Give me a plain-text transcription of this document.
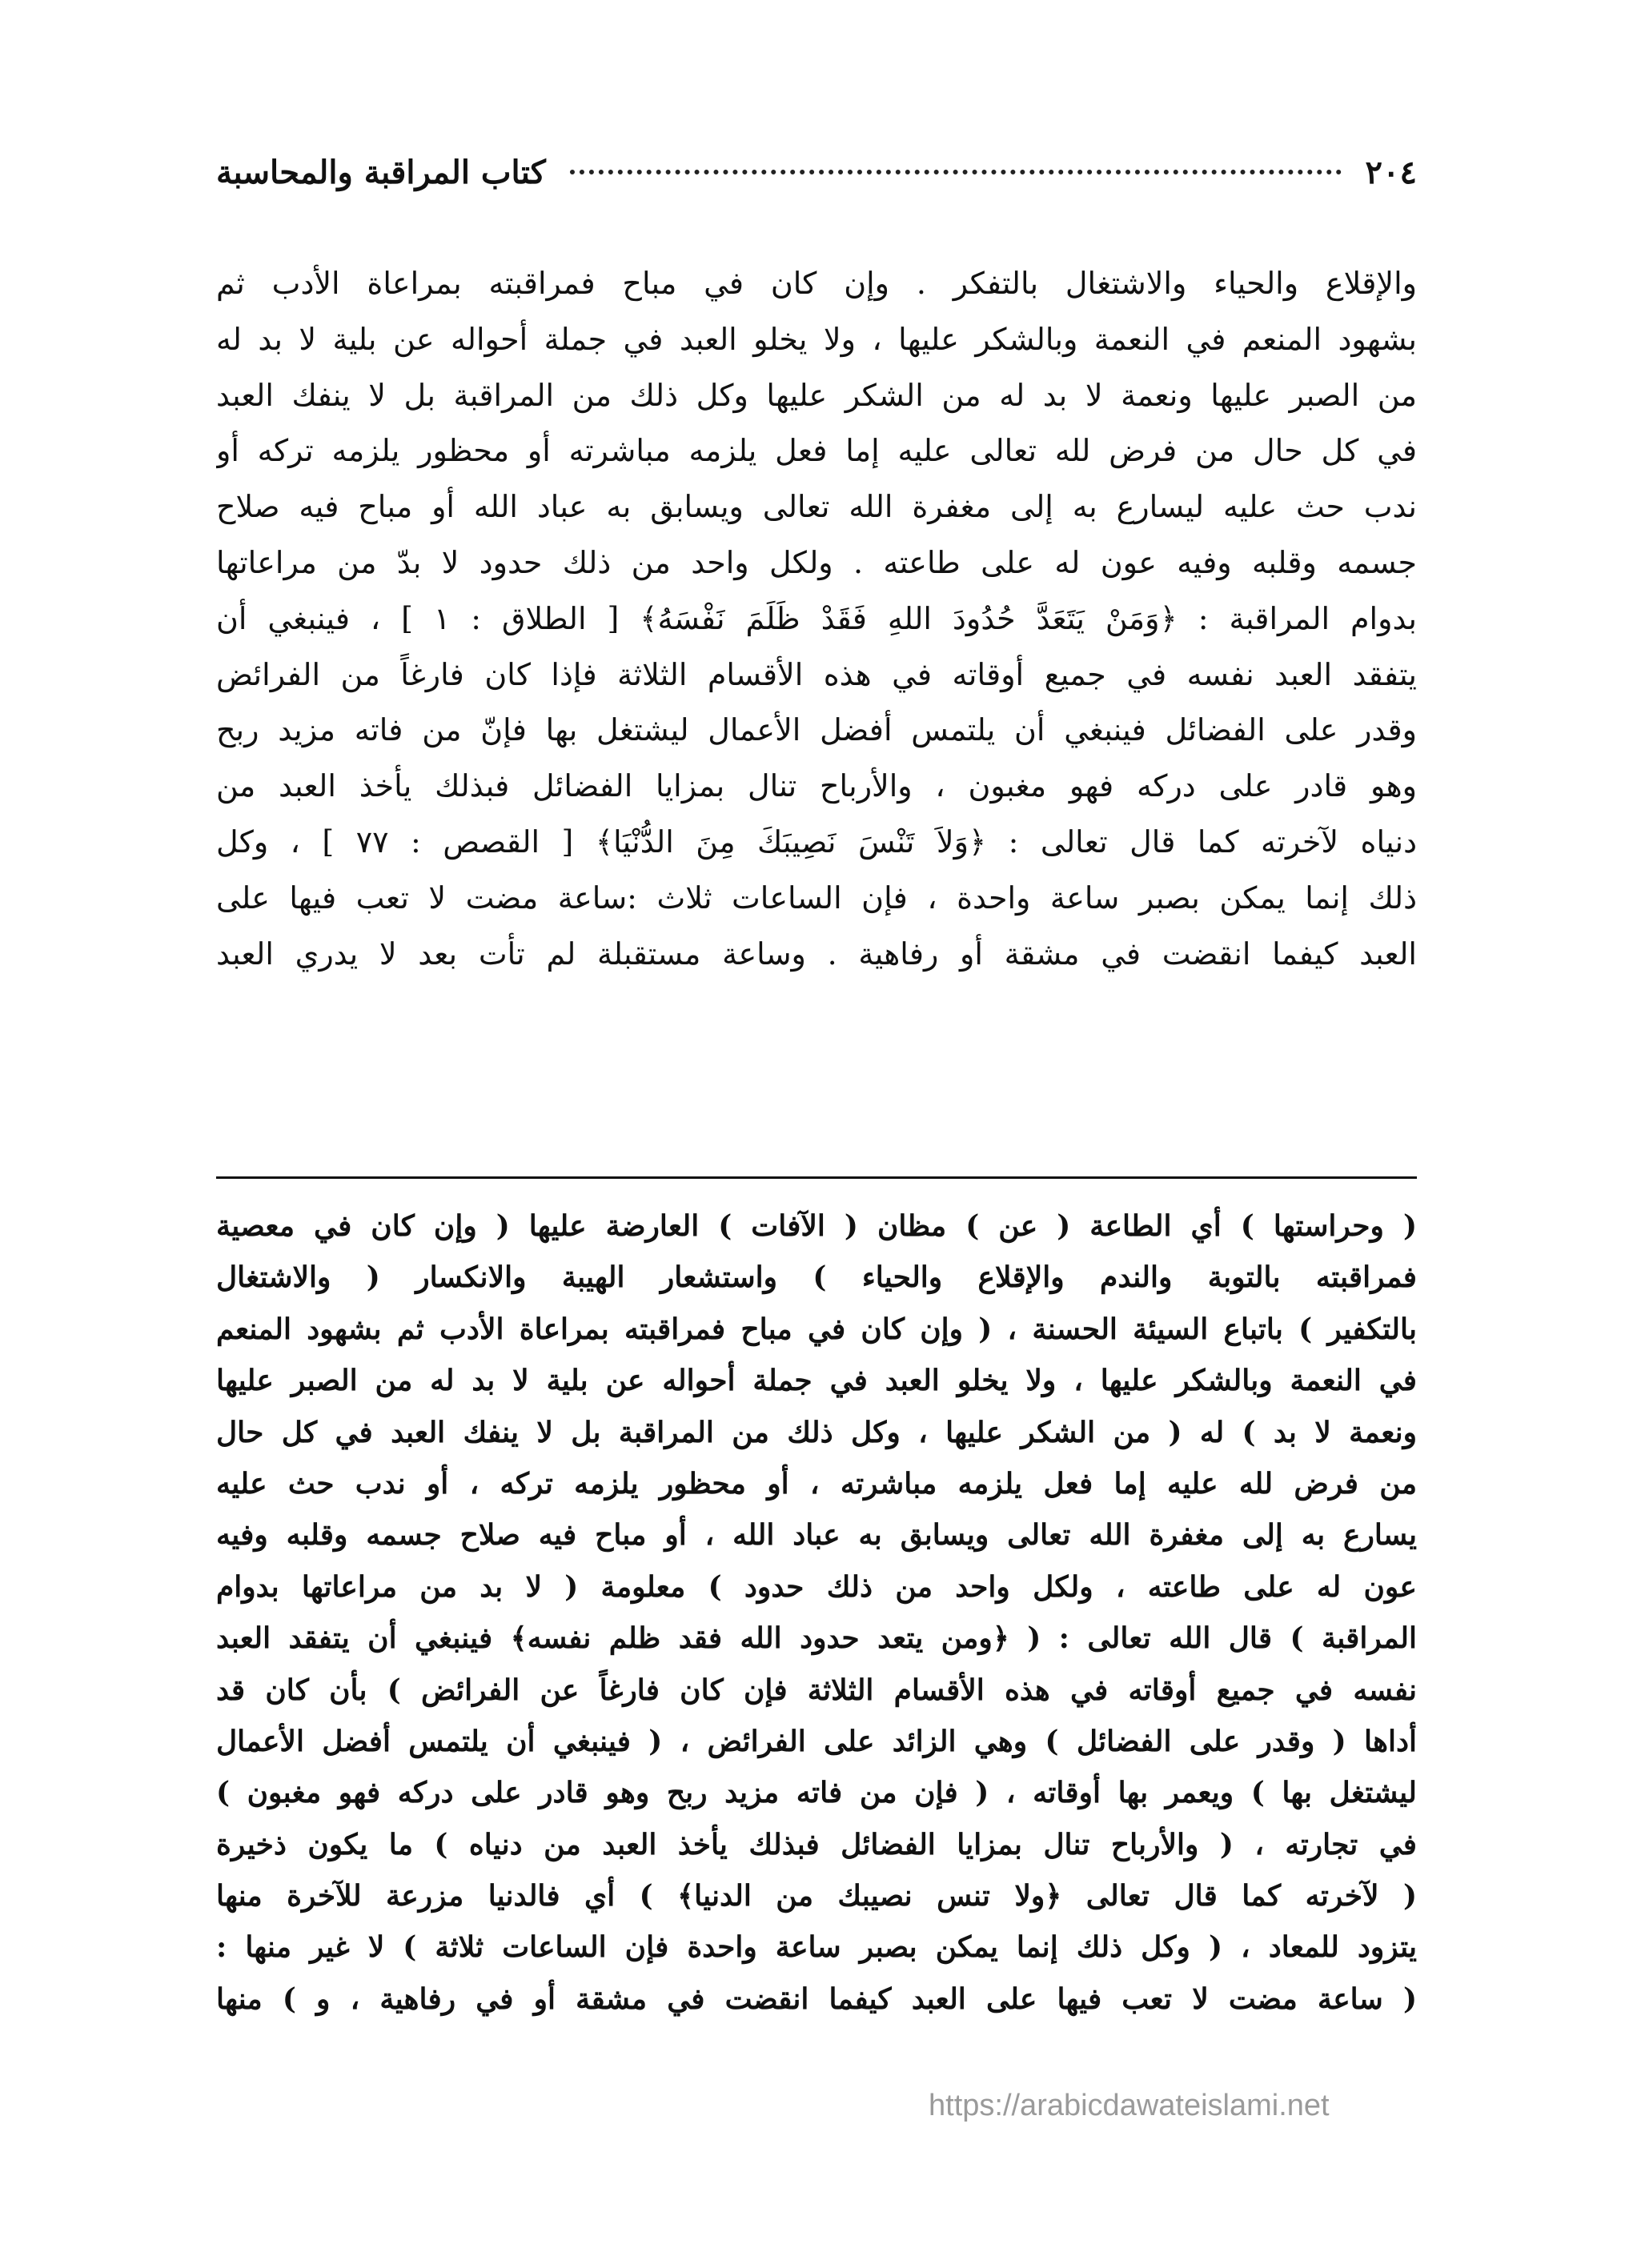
٢٠٤
كتاب المراقبة والمحاسبة
والإقلاع والحياء والاشتغال بالتفكر . وإن كان في مباح فمراقبته بمراعاة الأدب ثم
بشهود المنعم في النعمة وبالشكر عليها ، ولا يخلو العبد في جملة أحواله عن بلية لا بد له
من الصبر عليها ونعمة لا بد له من الشكر عليها وكل ذلك من المراقبة بل لا ينفك العبد
في كل حال من فرض لله تعالى عليه إما فعل يلزمه مباشرته أو محظور يلزمه تركه أو
ندب حث عليه ليسارع به إلى مغفرة الله تعالى ويسابق به عباد الله أو مباح فيه صلاح
جسمه وقلبه وفيه عون له على طاعته . ولكل واحد من ذلك حدود لا بدّ من مراعاتها
بدوام المراقبة : ﴿وَمَنْ يَتَعَدَّ حُدُودَ اللهِ فَقَدْ ظَلَمَ نَفْسَهُ﴾ [ الطلاق : ١ ] ، فينبغي أن
يتفقد العبد نفسه في جميع أوقاته في هذه الأقسام الثلاثة فإذا كان فارغاً من الفرائض
وقدر على الفضائل فينبغي أن يلتمس أفضل الأعمال ليشتغل بها فإنّ من فاته مزيد ربح
وهو قادر على دركه فهو مغبون ، والأرباح تنال بمزايا الفضائل فبذلك يأخذ العبد من
دنياه لآخرته كما قال تعالى : ﴿وَلاَ تَنْسَ نَصِيبَكَ مِنَ الدُّنْيَا﴾ [ القصص : ٧٧ ] ، وكل
ذلك إنما يمكن بصبر ساعة واحدة ، فإن الساعات ثلاث :ساعة مضت لا تعب فيها على
العبد كيفما انقضت في مشقة أو رفاهية . وساعة مستقبلة لم تأت بعد لا يدري العبد
( وحراستها ) أي الطاعة ( عن ) مظان ( الآفات ) العارضة عليها ( وإن كان في معصية
فمراقبته بالتوبة والندم والإقلاع والحياء ) واستشعار الهيبة والانكسار ( والاشتغال
بالتكفير ) باتباع السيئة الحسنة ، ( وإن كان في مباح فمراقبته بمراعاة الأدب ثم بشهود المنعم
في النعمة وبالشكر عليها ، ولا يخلو العبد في جملة أحواله عن بلية لا بد له من الصبر عليها
ونعمة لا بد ) له ( من الشكر عليها ، وكل ذلك من المراقبة بل لا ينفك العبد في كل حال
من فرض لله عليه إما فعل يلزمه مباشرته ، أو محظور يلزمه تركه ، أو ندب حث عليه
يسارع به إلى مغفرة الله تعالى ويسابق به عباد الله ، أو مباح فيه صلاح جسمه وقلبه وفيه
عون له على طاعته ، ولكل واحد من ذلك حدود ) معلومة ( لا بد من مراعاتها بدوام
المراقبة ) قال الله تعالى : ( ﴿ومن يتعد حدود الله فقد ظلم نفسه﴾ فينبغي أن يتفقد العبد
نفسه في جميع أوقاته في هذه الأقسام الثلاثة فإن كان فارغاً عن الفرائض ) بأن كان قد
أداها ( وقدر على الفضائل ) وهي الزائد على الفرائض ، ( فينبغي أن يلتمس أفضل الأعمال
ليشتغل بها ) ويعمر بها أوقاته ، ( فإن من فاته مزيد ربح وهو قادر على دركه فهو مغبون )
في تجارته ، ( والأرباح تنال بمزايا الفضائل فبذلك يأخذ العبد من دنياه ) ما يكون ذخيرة
( لآخرته كما قال تعالى ﴿ولا تنس نصيبك من الدنيا﴾ ) أي فالدنيا مزرعة للآخرة منها
يتزود للمعاد ، ( وكل ذلك إنما يمكن بصبر ساعة واحدة فإن الساعات ثلاثة ) لا غير منها :
( ساعة مضت لا تعب فيها على العبد كيفما انقضت في مشقة أو في رفاهية ، و ) منها
https://arabicdawateislami.net
